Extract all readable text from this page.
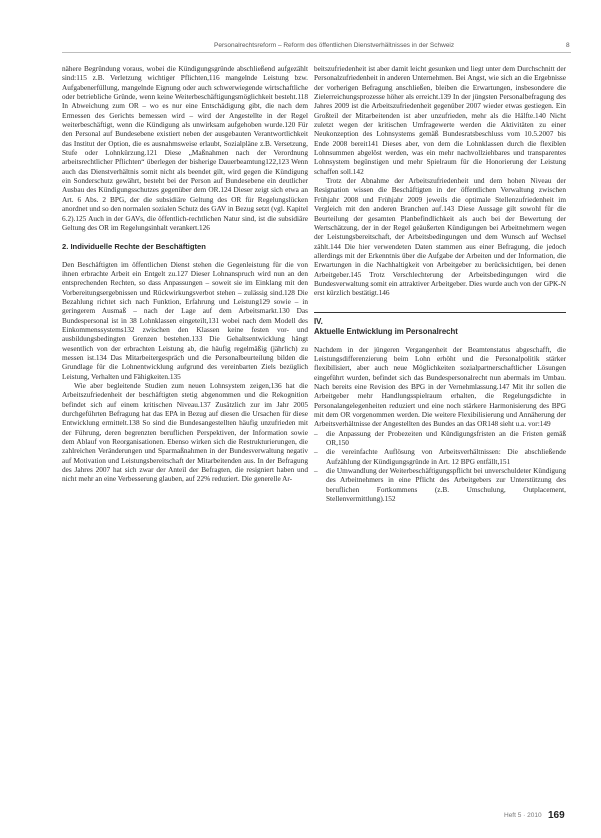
Personalrechtsreform – Reform des öffentlichen Dienstverhältnisses in der Schweiz	8

nähere Begründung voraus, wobei die Kündigungsgründe abschließend aufgezählt sind:115 z.B. Verletzung wichtiger Pflichten,116 mangelnde Leistung bzw. Aufgabenerfüllung, mangelnde Eignung oder auch schwerwiegende wirtschaftliche oder betriebliche Gründe, wenn keine Weiterbeschäftigungsmöglichkeit besteht.118 In Abweichung zum OR – wo es nur eine Entschädigung gibt, die nach dem Ermessen des Gerichts bemessen wird – wird der Angestellte in der Regel weiterbeschäftigt, wenn die Kündigung als unwirksam aufgehoben wurde.120 Für den Personal auf Bundesebene existiert neben der ausgebauten Verantwortlichkeit das Institut der Option, die es ausnahmsweise erlaubt, Sozialpläne z.B. Versetzung, Stufe oder Lohnkürzung.121 Diese „Maßnahmen nach der Verordnung arbeitsrechtlicher Pflichten“ überlegen der bisherige Dauerbeamtung122,123 Wenn auch das Dienstverhältnis somit nicht als beendet gilt, wird gegen die Kündigung ein Sonderschutz gewährt, besteht bei der Person auf Bundesebene ein deutlicher Ausbau des Kündigungsschutzes gegenüber dem OR.124 Dieser zeigt sich etwa an Art. 6 Abs. 2 BPG, der die subsidiäre Geltung des OR für Regelungslücken anordnet und so den normalen sozialen Schutz des GAV in Bezug setzt (vgl. Kapitel 6.2).125 Auch in der GAVs, die öffentlich-rechtlichen Natur sind, ist die subsidiäre Geltung des OR im Regelungsinhalt verankert.126

2. Individuelle Rechte der Beschäftigten

Den Beschäftigten im öffentlichen Dienst stehen die Gegenleistung für die von ihnen erbrachte Arbeit ein Entgelt zu.127 Dieser Lohnanspruch wird nun an den entsprechenden Rechten, so dass Anpassungen – soweit sie im Einklang mit den Vorbereitungsergebnissen und Rückwirkungsverbot stehen – zulässig sind.128 Die Bezahlung richtet sich nach Funktion, Erfahrung und Leistung129 sowie – in geringerem Ausmaß – nach der Lage auf dem Arbeitsmarkt.130 Das Bundespersonal ist in 38 Lohnklassen eingeteilt,131 wobei nach dem Modell des Einkommenssystems132 zwischen den Klassen keine festen vor- und ausbildungsbedingten Grenzen bestehen.133 Die Gehaltsentwicklung hängt wesentlich von der erbrachten Leistung ab, die häufig regelmäßig (jährlich) zu messen ist.134 Das Mitarbeitergespräch und die Personalbeurteilung bilden die Grundlage für die Lohnentwicklung aufgrund des vereinbarten Ziels bezüglich Leistung, Verhalten und Fähigkeiten.135

Wie aber begleitende Studien zum neuen Lohnsystem zeigen,136 hat die Arbeitszufriedenheit der beschäftigten stetig abgenommen und die Rekognition befindet sich auf einem kritischen Niveau.137 Zusätzlich zur im Jahr 2005 durchgeführten Befragung hat das EPA in Bezug auf diesen die Ursachen für diese Entwicklung ermittelt.138 So sind die Bundesangestellten häufig unzufrieden mit der Führung, deren begrenzten beruflichen Perspektiven, der Information sowie dem Ablauf von Reorganisationen. Ebenso wirken sich die Restrukturierungen, die zahlreichen Veränderungen und Sparmaßnahmen in der Bundesverwaltung negativ auf Motivation und Leistungsbereitschaft der Mitarbeitenden aus. In der Befragung des Jahres 2007 hat sich zwar der Anteil der Befragten, die resigniert haben und nicht mehr an eine Verbesserung glauben, auf 22% reduziert. Die generelle Ar-

beitszufriedenheit ist aber damit leicht gesunken und liegt unter dem Durchschnitt der Personalzufriedenheit in anderen Unternehmen. Bei Angst, wie sich an die Ergebnisse der vorherigen Befragung anschließen, bleiben die Erwartungen, insbesondere die Zielerreichungsprozesse höher als erreicht.139 In der jüngsten Personalbefragung des Jahres 2009 ist die Arbeitszufriedenheit gegenüber 2007 wieder etwas gestiegen. Ein Großteil der Mitarbeitenden ist aber unzufrieden, mehr als die Hälfte.140 Nicht zuletzt wegen der kritischen Umfragewerte werden die Aktivitäten zu einer Neukonzeption des Lohnsystems gemäß Bundesratsbeschluss vom 10.5.2007 bis Ende 2008 bereit141 Dieses aber, von dem die Lohnklassen durch die flexiblen Lohnsummen abgelöst werden, was ein mehr nachvollziehbares und transparentes Lohnsystem begünstigen und mehr Spielraum für die Honorierung der Leistung schaffen soll.142

Trotz der Abnahme der Arbeitszufriedenheit und dem hohen Niveau der Resignation wissen die Beschäftigten in der öffentlichen Verwaltung zwischen Frühjahr 2008 und Frühjahr 2009 jeweils die optimale Stellenzufriedenheit im Vergleich mit den anderen Branchen auf.143 Diese Aussage gilt sowohl für die Beurteilung der gesamten Planbefindlichkeit als auch bei der Bewertung der Wertschätzung, der in der Regel geäußerten Kündigungen bei Arbeitnehmern wegen der Leistungsbereitschaft, der Arbeitsbedingungen und dem Wunsch auf Wechsel zählt.144 Die hier verwendeten Daten stammen aus einer Befragung, die jedoch allerdings mit der Erkenntnis über die Aufgabe der Arbeiten und der Information, die Erwartungen in die Nachhaltigkeit von Arbeitgeber zu berücksichtigen, bei denen Arbeitgeber.145 Trotz Verschlechterung der Arbeitsbedingungen wird die Bundesverwaltung somit ein attraktiver Arbeitgeber. Dies wurde auch von der GPK-N erst kürzlich bestätigt.146

IV.
Aktuelle Entwicklung im Personalrecht

Nachdem in der jüngeren Vergangenheit der Beamtenstatus abgeschafft, die Leistungsdifferenzierung beim Lohn erhöht und die Personalpolitik stärker flexibilisiert, aber auch neue Möglichkeiten sozialpartnerschaftlicher Lösungen eingeführt wurden, befindet sich das Bundespersonalrecht nun abermals im Umbau. Nach bereits eine Revision des BPG in der Vernehmlassung.147 Mit ihr sollen die Arbeitgeber mehr Handlungsspielraum erhalten, die Regelungsdichte in Personalangelegenheiten reduziert und eine noch stärkere Harmonisierung des BPG mit dem OR vorgenommen werden. Die weitere Flexibilisierung und Annäherung der Arbeitsverhältnisse der Angestellten des Bundes an das OR148 sieht u.a. vor:149

– die Anpassung der Probezeiten und Kündigungsfristen an die Fristen gemäß OR,150
– die vereinfachte Auflösung von Arbeitsverhältnissen: Die abschließende Aufzählung der Kündigungsgründe in Art. 12 BPG entfällt,151
– die Umwandlung der Weiterbeschäftigungspflicht bei unverschuldeter Kündigung des Arbeitnehmers in eine Pflicht des Arbeitgebers zur Unterstützung des beruflichen Fortkommens (z.B. Umschulung, Outplacement, Stellenvermittlung).152
Heft 5 · 2010 169
